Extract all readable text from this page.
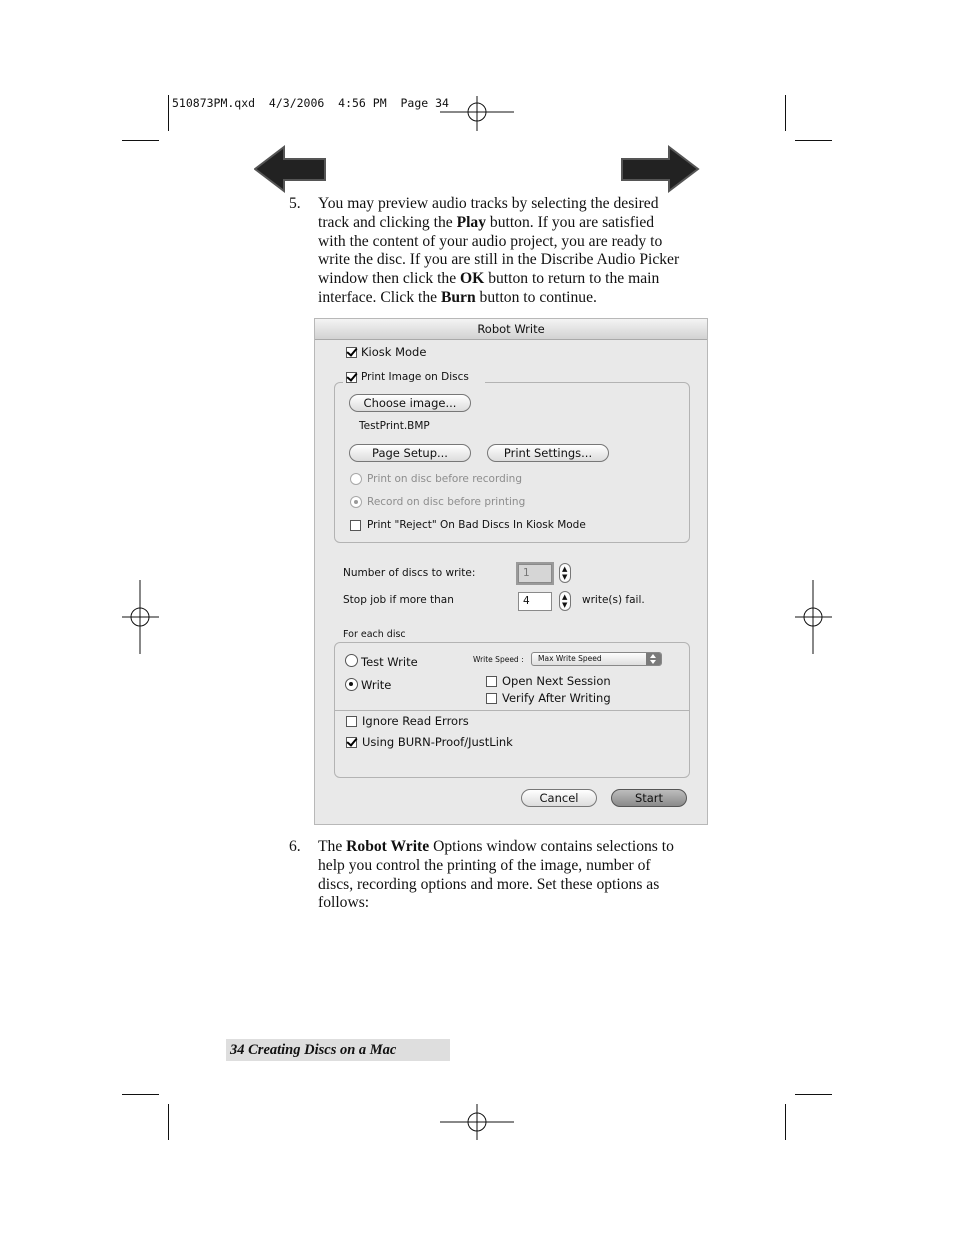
510873PM.qxd  4/3/2006  4:56 PM  Page 34
5. You may preview audio tracks by selecting the desired
track and clicking the Play button. If you are satisfied
with the content of your audio project, you are ready to
write the disc. If you are still in the Discribe Audio Picker
window then click the OK button to return to the main
interface. Click the Burn button to continue.
Robot Write
Kiosk Mode
Print Image on Discs
Choose image...
TestPrint.BMP
Page Setup...	Print Settings...
Print on disc before recording
Record on disc before printing
Print "Reject" On Bad Discs In Kiosk Mode
Number of discs to write:	1	▲
▼
Stop job if more than	4	▲
▼ write(s) fail.
For each disc
Test Write
Write
Write Speed :	Max Write Speed
Open Next Session
Verify After Writing
Ignore Read Errors
Using BURN-Proof/JustLink
Cancel	Start
6. The Robot Write Options window contains selections to
help you control the printing of the image, number of
discs, recording options and more. Set these options as
follows:
34 Creating Discs on a Mac
